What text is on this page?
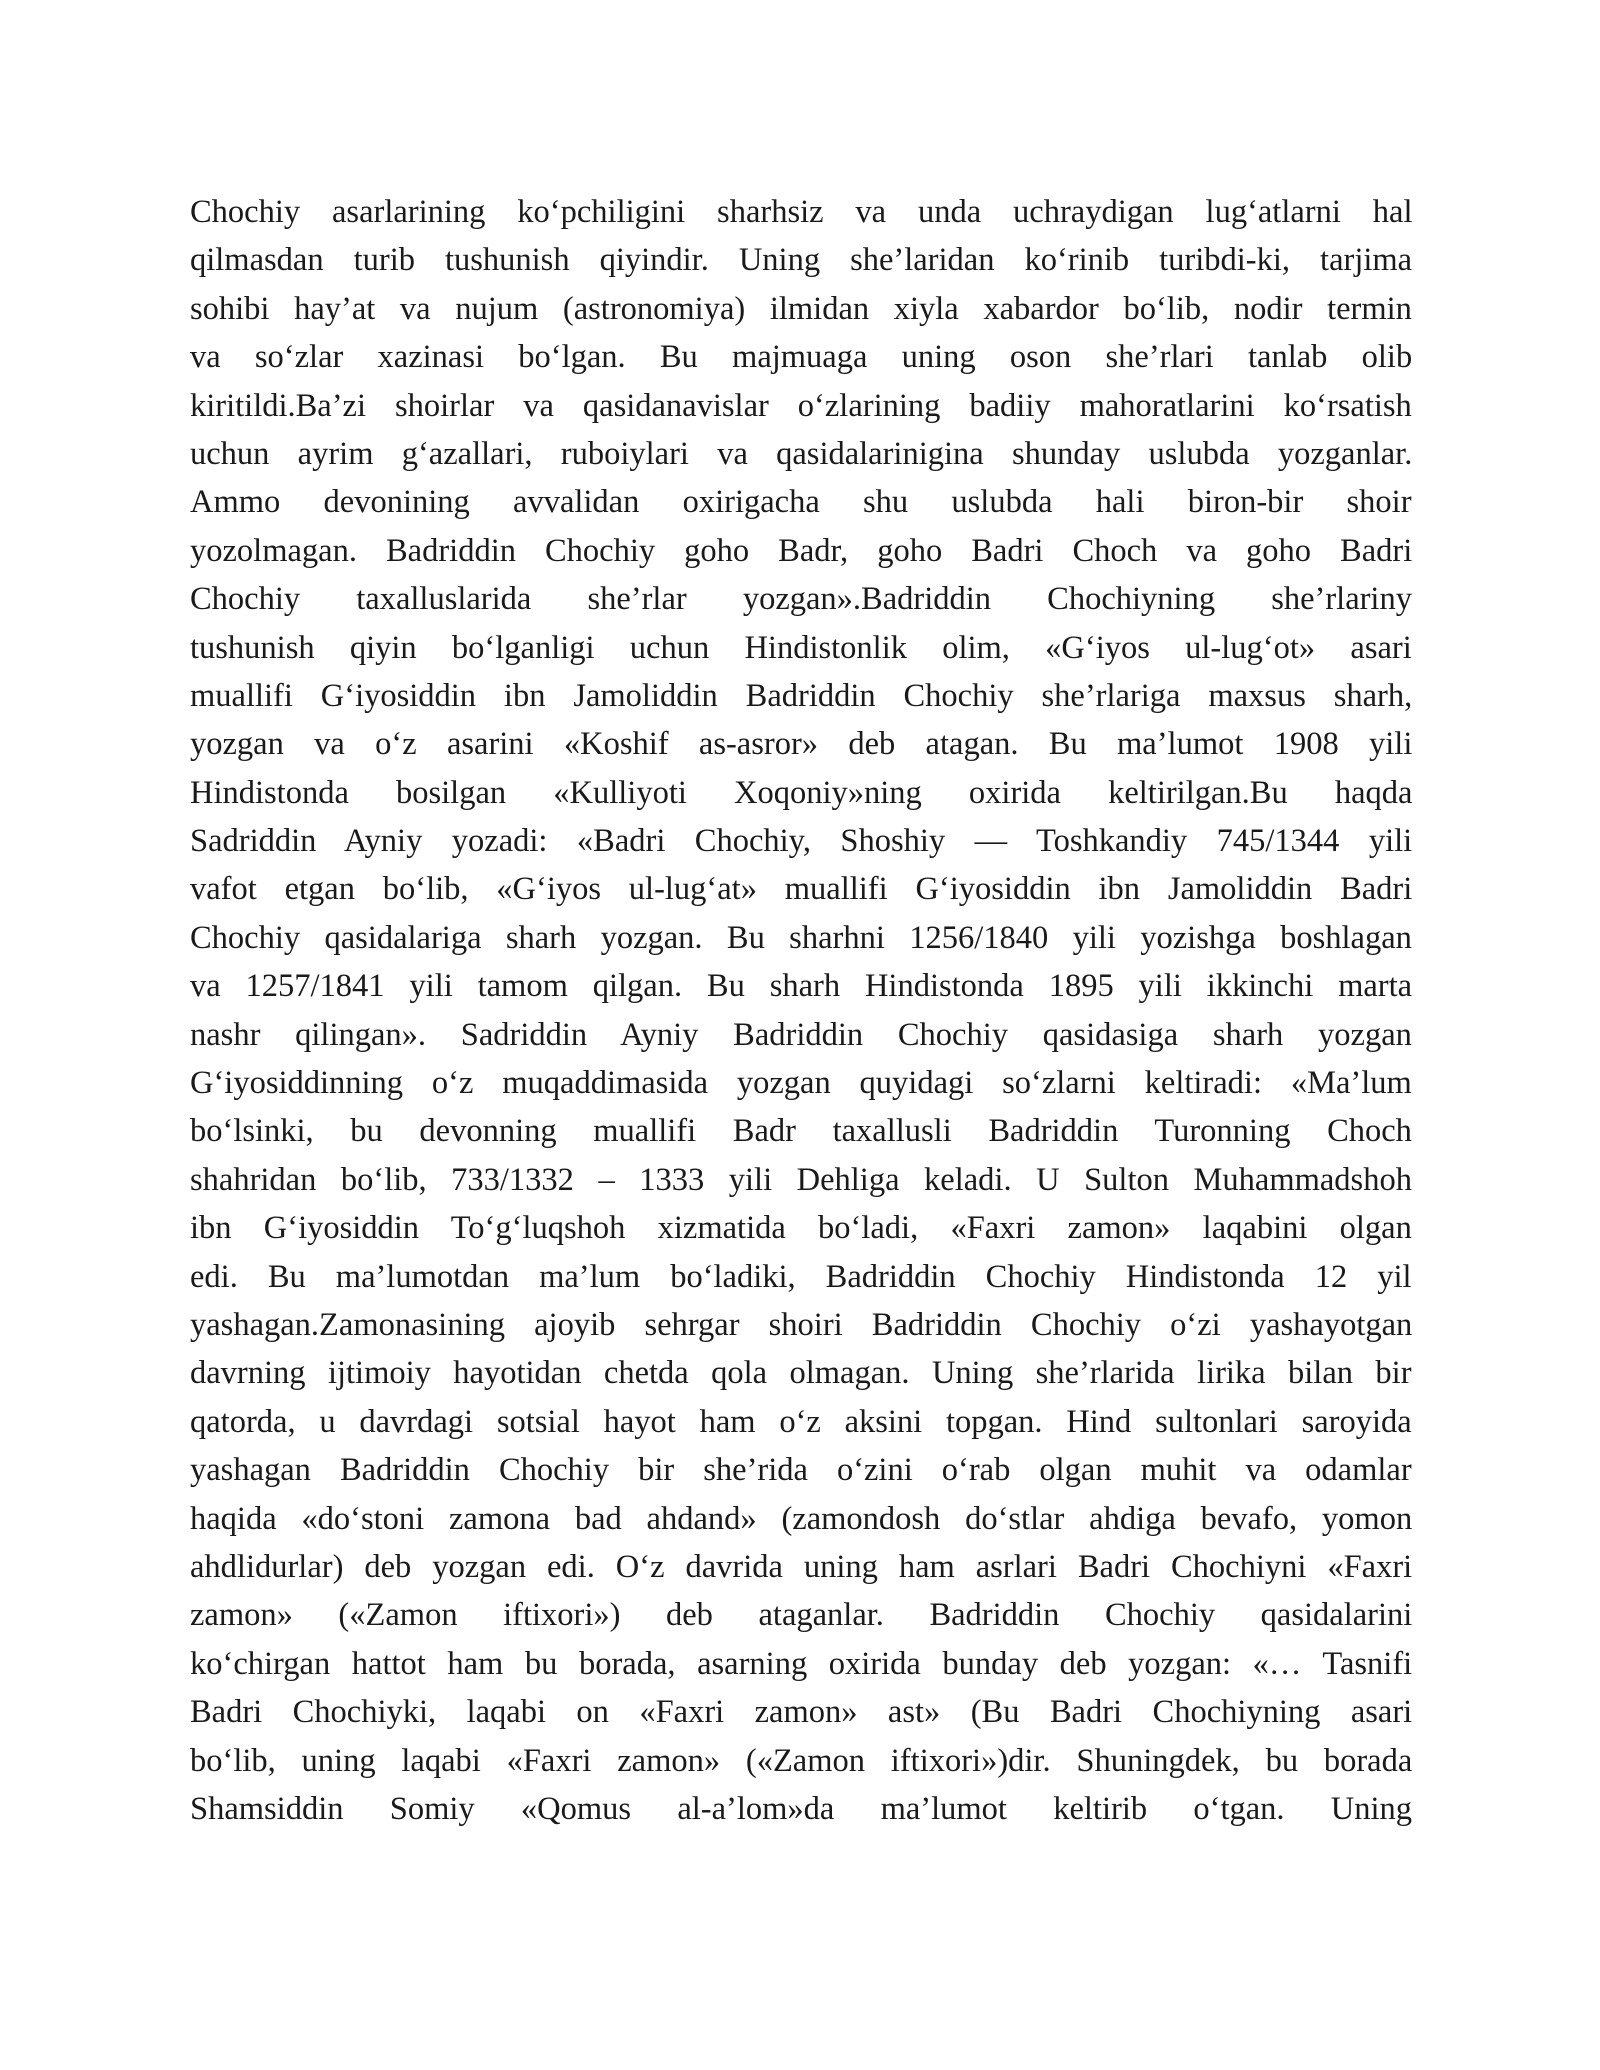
Chochiy asarlarining ko‘pchiligini sharhsiz va unda uchraydigan lug‘atlarni hal
qilmasdan turib tushunish qiyindir. Uning she’laridan ko‘rinib turibdi-ki, tarjima
sohibi hay’at va nujum (astronomiya) ilmidan xiyla xabardor bo‘lib, nodir termin
va so‘zlar xazinasi bo‘lgan. Bu majmuaga uning oson she’rlari tanlab olib
kiritildi.Ba’zi shoirlar va qasidanavislar o‘zlarining badiiy mahoratlarini ko‘rsatish
uchun ayrim g‘azallari, ruboiylari va qasidalarinigina shunday uslubda yozganlar.
Ammo devonining avvalidan oxirigacha shu uslubda hali biron-bir shoir
yozolmagan. Badriddin Chochiy goho Badr, goho Badri Choch va goho Badri
Chochiy taxalluslarida she’rlar yozgan».Badriddin Chochiyning she’rlariny
tushunish qiyin bo‘lganligi uchun Hindistonlik olim, «G‘iyos ul-lug‘ot» asari
muallifi G‘iyosiddin ibn Jamoliddin Badriddin Chochiy she’rlariga maxsus sharh,
yozgan va o‘z asarini «Koshif as-asror» deb atagan. Bu ma’lumot 1908 yili
Hindistonda bosilgan «Kulliyoti Xoqoniy»ning oxirida keltirilgan.Bu haqda
Sadriddin Ayniy yozadi: «Badri Chochiy, Shoshiy — Toshkandiy 745/1344 yili
vafot etgan bo‘lib, «G‘iyos ul-lug‘at» muallifi G‘iyosiddin ibn Jamoliddin Badri
Chochiy qasidalariga sharh yozgan. Bu sharhni 1256/1840 yili yozishga boshlagan
va 1257/1841 yili tamom qilgan. Bu sharh Hindistonda 1895 yili ikkinchi marta
nashr qilingan». Sadriddin Ayniy Badriddin Chochiy qasidasiga sharh yozgan
G‘iyosiddinning o‘z muqaddimasida yozgan quyidagi so‘zlarni keltiradi: «Ma’lum
bo‘lsinki, bu devonning muallifi Badr taxallusli Badriddin Turonning Choch
shahridan bo‘lib, 733/1332 – 1333 yili Dehliga keladi. U Sulton Muhammadshoh
ibn G‘iyosiddin To‘g‘luqshoh xizmatida bo‘ladi, «Faxri zamon» laqabini olgan
edi. Bu ma’lumotdan ma’lum bo‘ladiki, Badriddin Chochiy Hindistonda 12 yil
yashagan.Zamonasining ajoyib sehrgar shoiri Badriddin Chochiy o‘zi yashayotgan
davrning ijtimoiy hayotidan chetda qola olmagan. Uning she’rlarida lirika bilan bir
qatorda, u davrdagi sotsial hayot ham o‘z aksini topgan. Hind sultonlari saroyida
yashagan Badriddin Chochiy bir she’rida o‘zini o‘rab olgan muhit va odamlar
haqida «do‘stoni zamona bad ahdand» (zamondosh do‘stlar ahdiga bevafo, yomon
ahdlidurlar) deb yozgan edi. O‘z davrida uning ham asrlari Badri Chochiyni «Faxri
zamon» («Zamon iftixori») deb ataganlar. Badriddin Chochiy qasidalarini
ko‘chirgan hattot ham bu borada, asarning oxirida bunday deb yozgan: «… Tasnifi
Badri Chochiyki, laqabi on «Faxri zamon» ast» (Bu Badri Chochiyning asari
bo‘lib, uning laqabi «Faxri zamon» («Zamon iftixori»)dir. Shuningdek, bu borada
Shamsiddin Somiy «Qomus al-a’lom»da ma’lumot keltirib o‘tgan. Uning
